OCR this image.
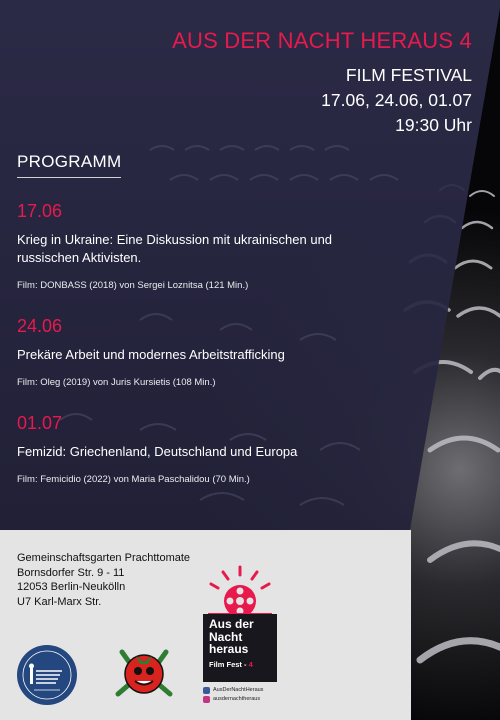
AUS DER NACHT HERAUS 4
FILM FESTIVAL
17.06, 24.06, 01.07
19:30 Uhr
PROGRAMM
17.06
Krieg in Ukraine: Eine Diskussion mit ukrainischen und russischen Aktivisten.
Film: DONBASS (2018) von Sergei Loznitsa (121 Min.)
24.06
Prekäre Arbeit und modernes Arbeitstrafficking
Film: Oleg (2019) von Juris Kursietis (108 Min.)
01.07
Femizid: Griechenland, Deutschland und Europa
Film: Femicidio (2022) von Maria Paschalidou (70 Min.)
Gemeinschaftsgarten Prachttomate
Bornsdorfer Str. 9 - 11
12053 Berlin-Neukölln
U7 Karl-Marx Str.
Aus der
Nacht
heraus
Film Fest - 4
AusDerNachtHeraus
ausdernachtheraus
